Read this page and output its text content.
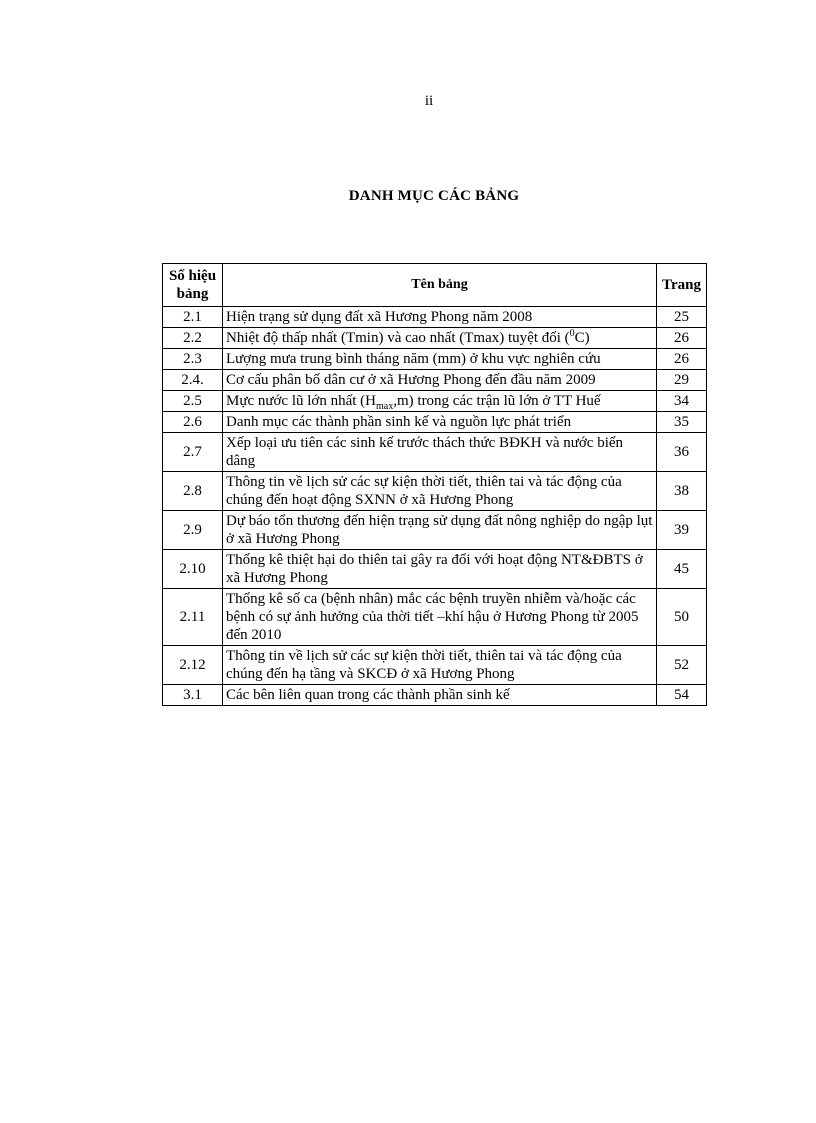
ii
DANH MỤC CÁC BẢNG
Số hiệu bảng	Tên bảng	Trang
2.1	Hiện trạng sử dụng đất xã Hương Phong năm 2008	25
2.2	Nhiệt độ thấp nhất (Tmin) và cao nhất (Tmax) tuyệt đối ($^0$C)	26
2.3	Lượng mưa trung bình tháng năm (mm) ở khu vực nghiên cứu	26
2.4.	Cơ cấu phân bố dân cư ở xã Hương Phong đến đầu năm 2009	29
2.5	Mực nước lũ lớn nhất $(H_{max},m)$ trong các trận lũ lớn ở TT Huế	34
2.6	Danh mục các thành phần sinh kế và nguồn lực phát triển	35
2.7	Xếp loại ưu tiên các sinh kế trước thách thức BĐKH và nước biển dâng	36
2.8	Thông tin về lịch sử các sự kiện thời tiết, thiên tai và tác động của chúng đến hoạt động SXNN ở xã Hương Phong	38
2.9	Dự báo tổn thương đến hiện trạng sử dụng đất nông nghiệp do ngập lụt ở xã Hương Phong	39
2.10	Thống kê thiệt hại do thiên tai gây ra đối với hoạt động NT&ĐBTS ở xã Hương Phong	45
2.11	Thống kê số ca (bệnh nhân) mắc các bệnh truyền nhiễm và/hoặc các bệnh có sự ảnh hưởng của thời tiết –khí hậu ở Hương Phong từ 2005 đến 2010	50
2.12	Thông tin về lịch sử các sự kiện thời tiết, thiên tai và tác động của chúng đến hạ tầng và SKCĐ ở xã Hương Phong	52
3.1	Các bên liên quan trong các thành phần sinh kế	54
